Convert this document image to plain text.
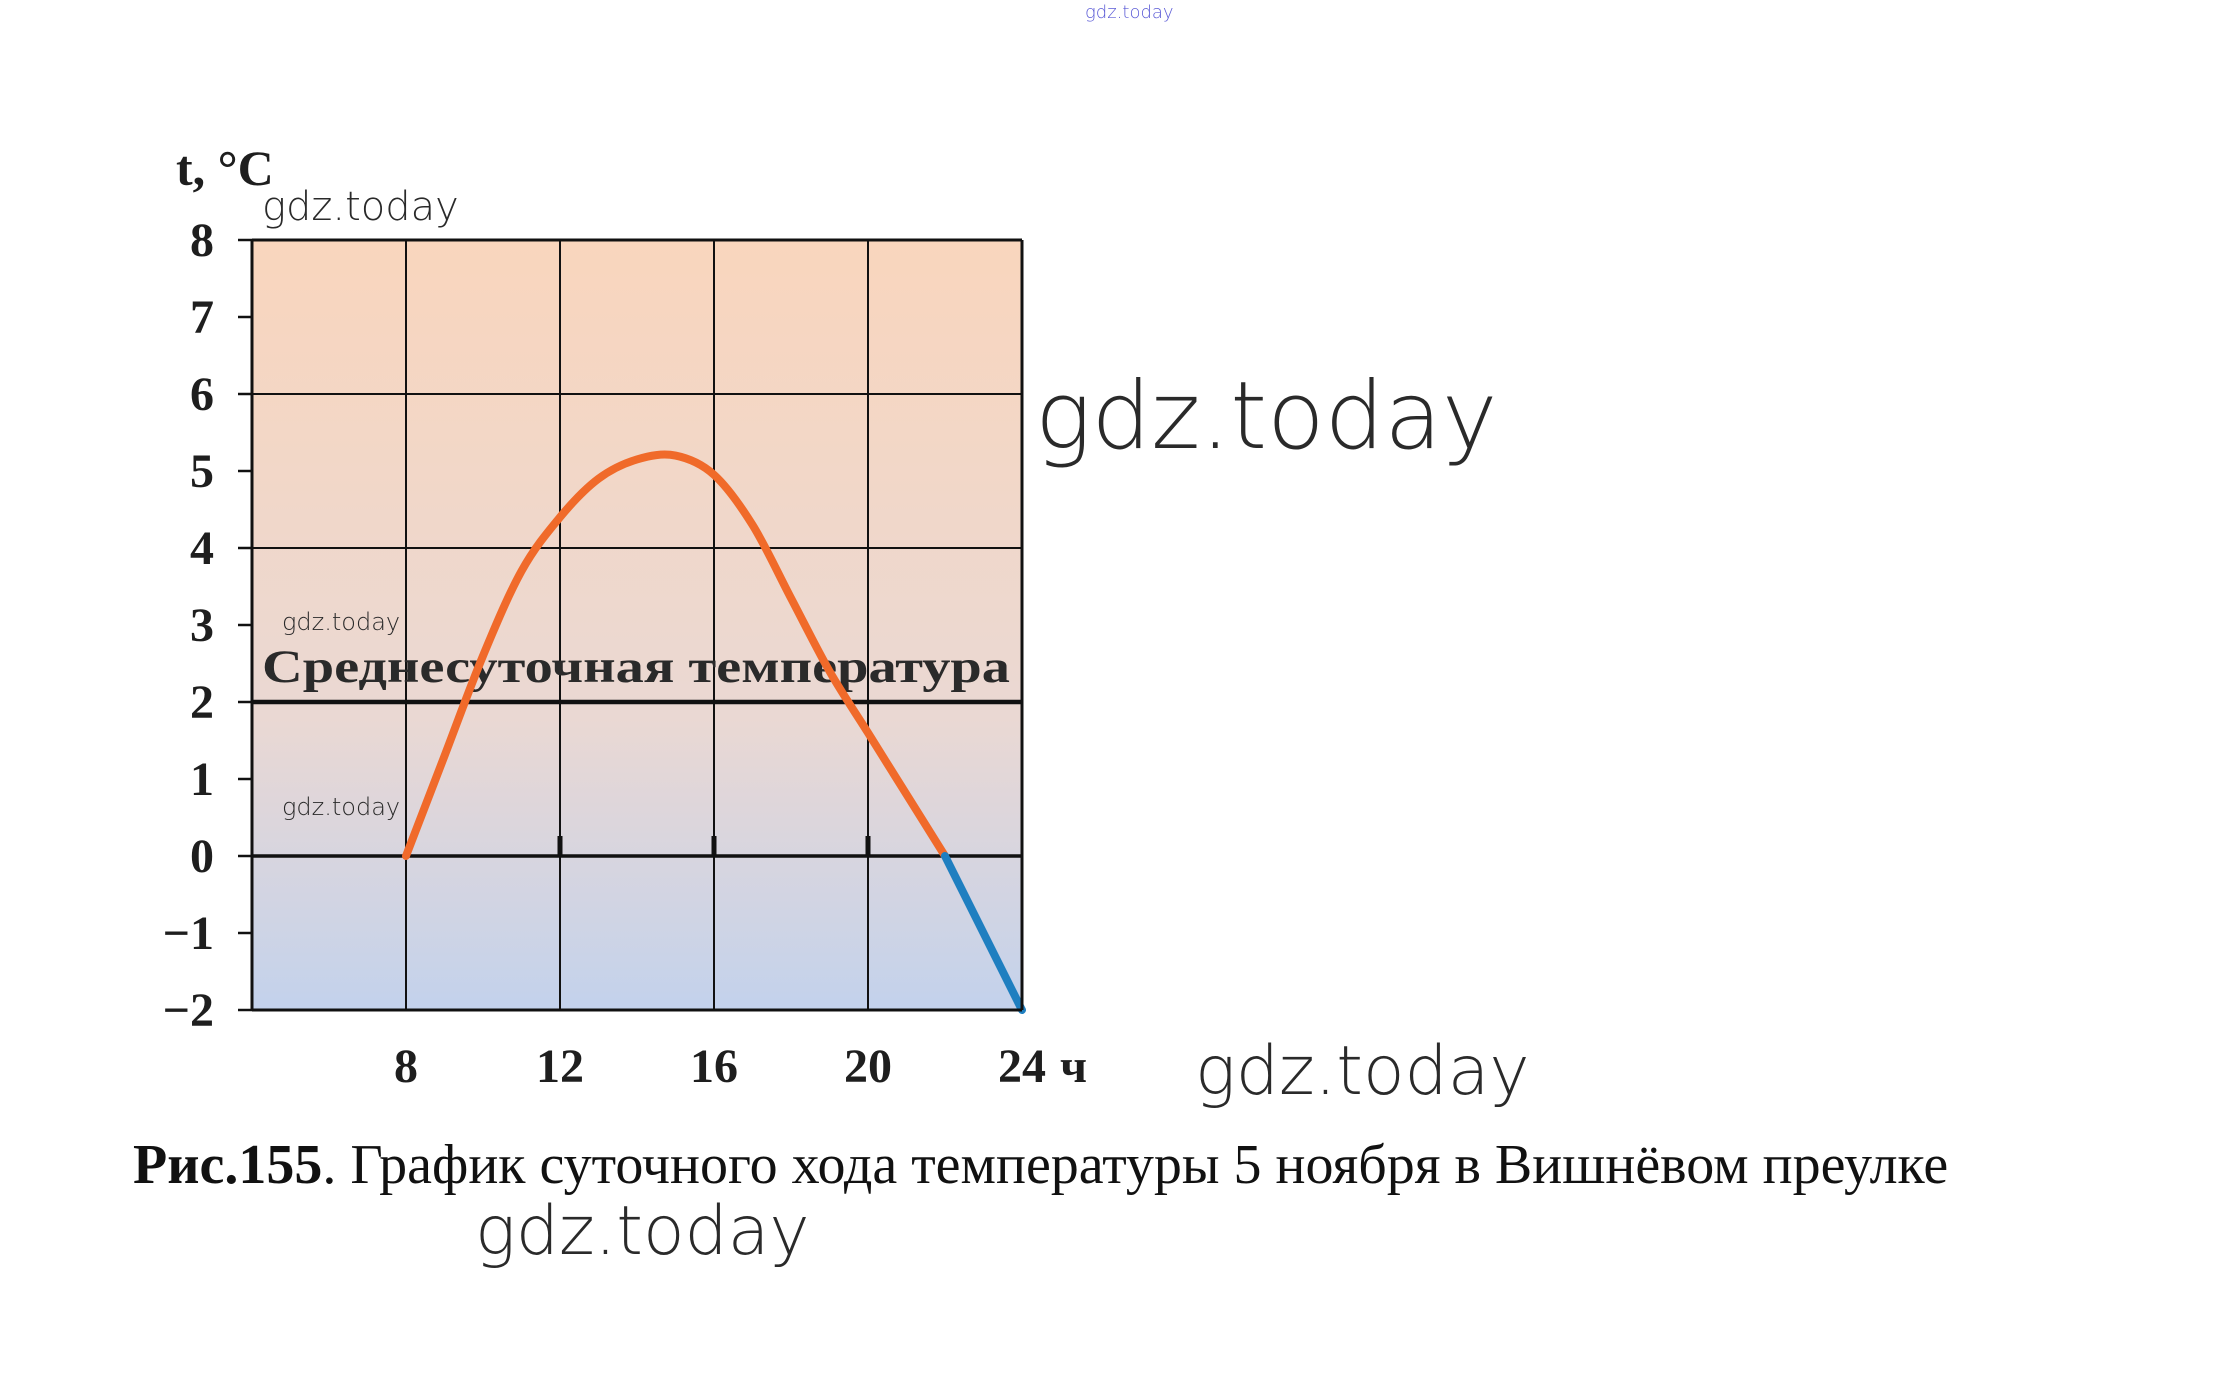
Среднесуточная температура
8
7
6
5
4
3
2
1
0
−1
−2
8 12 16 20 24 ч
t, °C
gdz.today
gdz.today
gdz.today
gdz.today
gdz.today
gdz.today
gdz.today
Рис.155. График суточного хода температуры 5 ноября в Вишнёвом преулке
